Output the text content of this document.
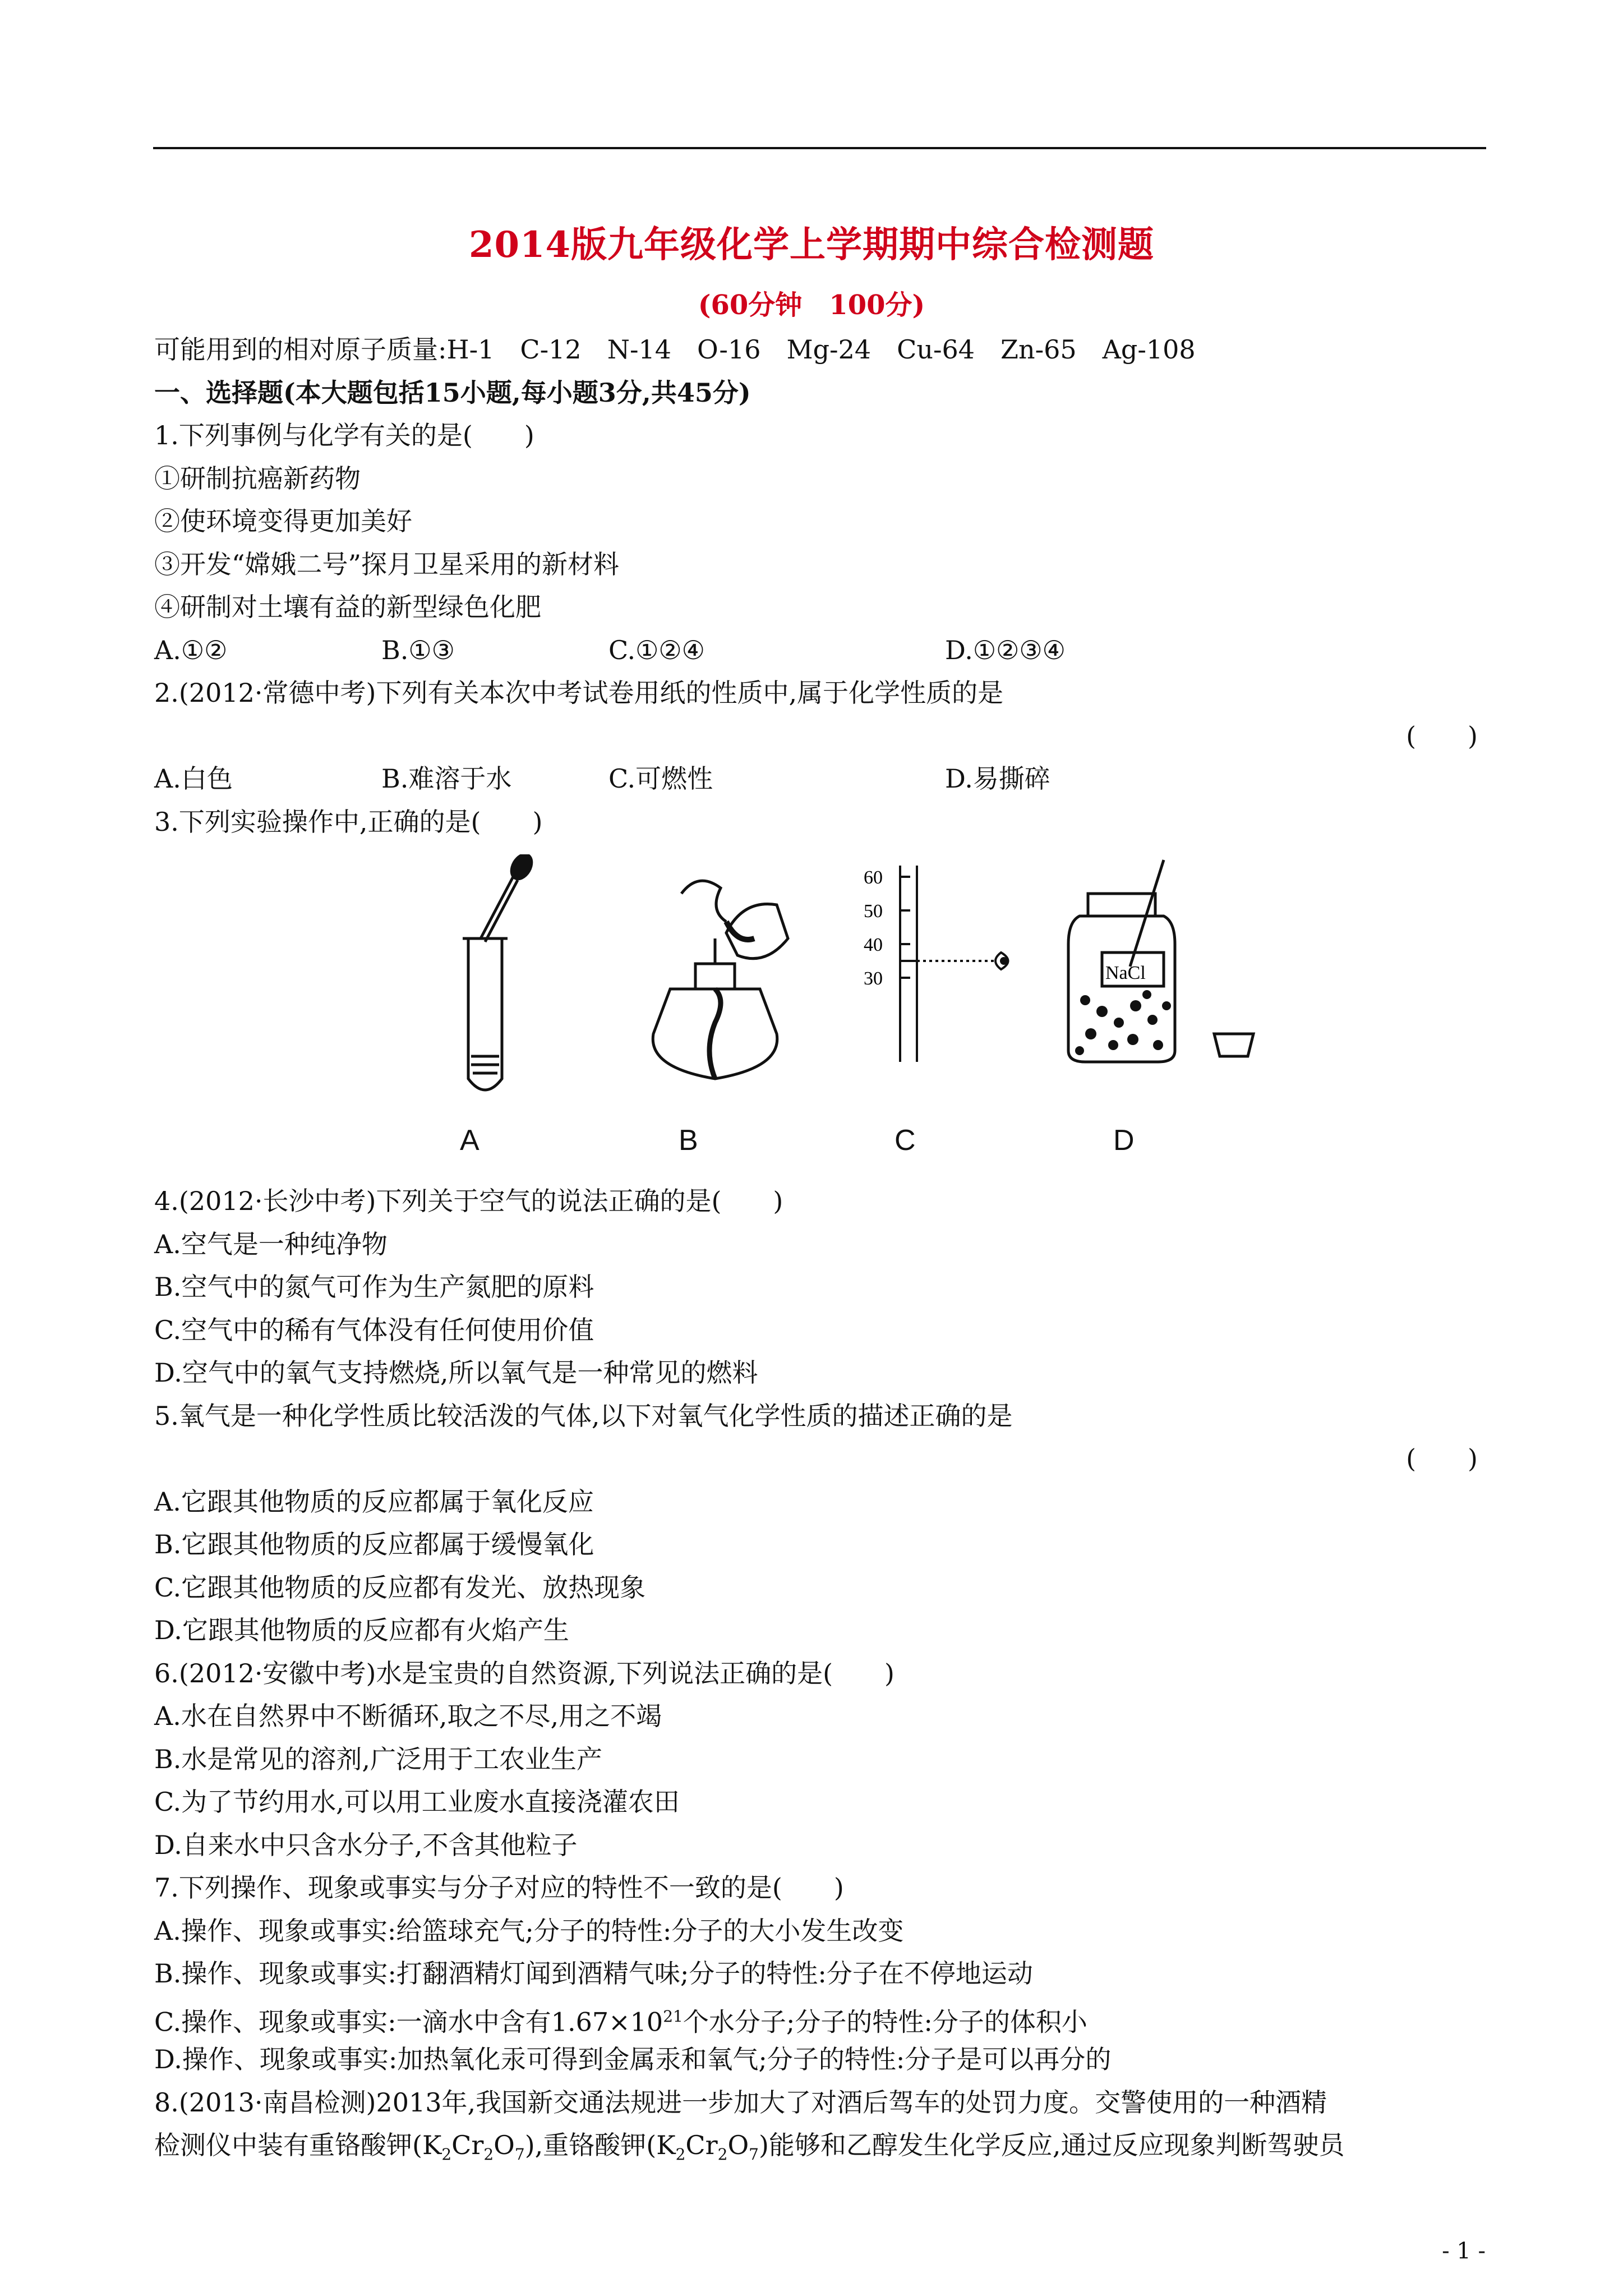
2014版九年级化学上学期期中综合检测题
(60分钟　100分)
可能用到的相对原子质量:H-1　C-12　N-14　O-16　Mg-24　Cu-64　Zn-65　Ag-108
一、选择题(本大题包括15小题,每小题3分,共45分)
1.下列事例与化学有关的是(　　)
①研制抗癌新药物
②使环境变得更加美好
③开发“嫦娥二号”探月卫星采用的新材料
④研制对土壤有益的新型绿色化肥
A.①②	B.①③	C.①②④	D.①②③④
2.(2012·常德中考)下列有关本次中考试卷用纸的性质中,属于化学性质的是
(　　)
A.白色	B.难溶于水	C.可燃性	D.易撕碎
3.下列实验操作中,正确的是(　　)
60
50
40
30	NaCl
A	B	C	D
4.(2012·长沙中考)下列关于空气的说法正确的是(　　)
A.空气是一种纯净物
B.空气中的氮气可作为生产氮肥的原料
C.空气中的稀有气体没有任何使用价值
D.空气中的氧气支持燃烧,所以氧气是一种常见的燃料
5.氧气是一种化学性质比较活泼的气体,以下对氧气化学性质的描述正确的是
(　　)
A.它跟其他物质的反应都属于氧化反应
B.它跟其他物质的反应都属于缓慢氧化
C.它跟其他物质的反应都有发光、放热现象
D.它跟其他物质的反应都有火焰产生
6.(2012·安徽中考)水是宝贵的自然资源,下列说法正确的是(　　)
A.水在自然界中不断循环,取之不尽,用之不竭
B.水是常见的溶剂,广泛用于工农业生产
C.为了节约用水,可以用工业废水直接浇灌农田
D.自来水中只含水分子,不含其他粒子
7.下列操作、现象或事实与分子对应的特性不一致的是(　　)
A.操作、现象或事实:给篮球充气;分子的特性:分子的大小发生改变
B.操作、现象或事实:打翻酒精灯闻到酒精气味;分子的特性:分子在不停地运动
C.操作、现象或事实:一滴水中含有$1.67\times 10^{21}$个水分子;分子的特性:分子的体积小
D.操作、现象或事实:加热氧化汞可得到金属汞和氧气;分子的特性:分子是可以再分的
8.(2013·南昌检测)2013年,我国新交通法规进一步加大了对酒后驾车的处罚力度。交警使用的一种酒精
检测仪中装有重铬酸钾$(K_2Cr_2O_7)$,重铬酸钾$(K_2Cr_2O_7)$能够和乙醇发生化学反应,通过反应现象判断驾驶员
- 1 -
